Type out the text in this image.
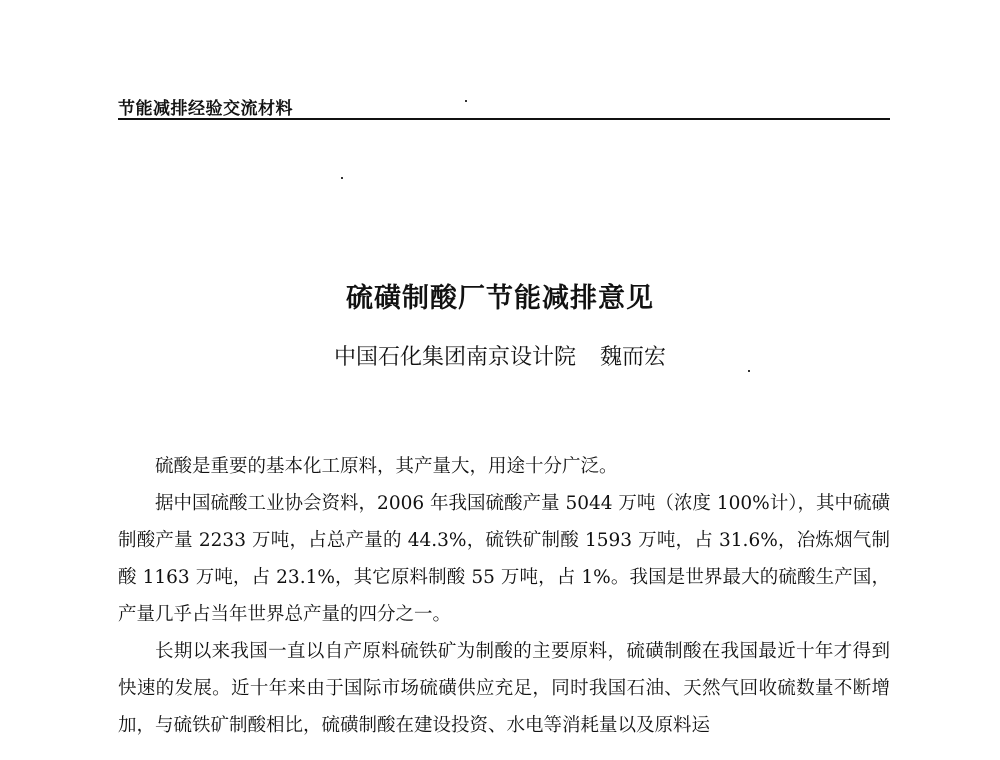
节能减排经验交流材料
硫磺制酸厂节能减排意见
中国石化集团南京设计院 魏而宏

硫酸是重要的基本化工原料，其产量大，用途十分广泛。

据中国硫酸工业协会资料，2006 年我国硫酸产量 5044 万吨（浓度 100%计），其中硫磺制酸产量 2233 万吨，占总产量的 44.3%，硫铁矿制酸 1593 万吨，占 31.6%，冶炼烟气制酸 1163 万吨，占 23.1%，其它原料制酸 55 万吨，占 1%。我国是世界最大的硫酸生产国，产量几乎占当年世界总产量的四分之一。

长期以来我国一直以自产原料硫铁矿为制酸的主要原料，硫磺制酸在我国最近十年才得到快速的发展。近十年来由于国际市场硫磺供应充足，同时我国石油、天然气回收硫数量不断增加，与硫铁矿制酸相比，硫磺制酸在建设投资、水电等消耗量以及原料运
